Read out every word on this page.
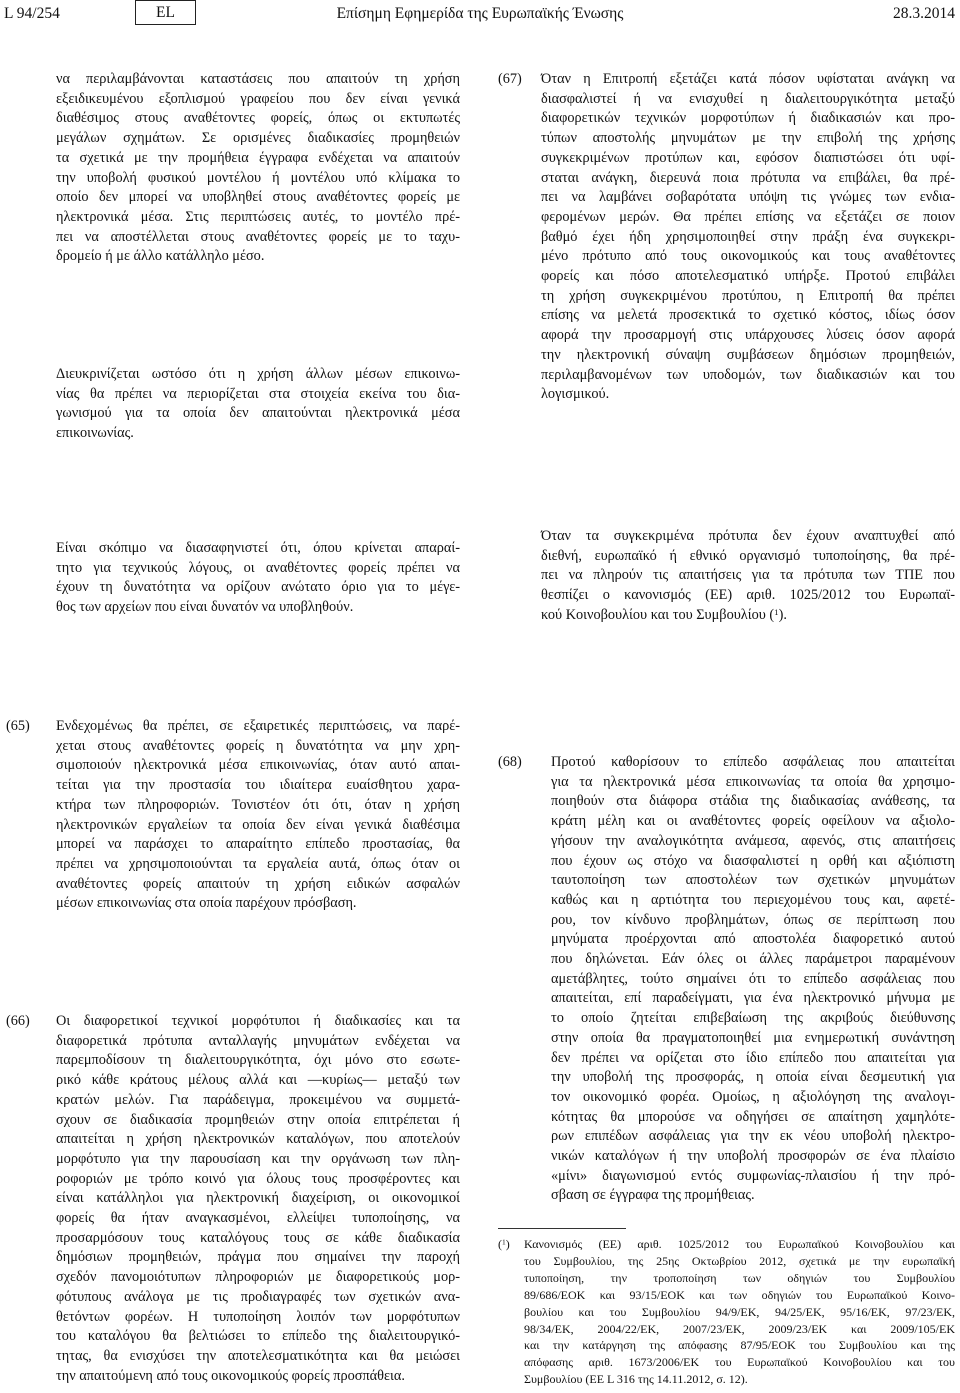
L 94/254	EL	Επίσημη Εφημερίδα της Ευρωπαϊκής Ένωσης	28.3.2014
να περιλαμβάνονται καταστάσεις που απαιτούν τη χρήση
εξειδικευμένου εξοπλισμού γραφείου που δεν είναι γενικά
διαθέσιμος στους αναθέτοντες φορείς, όπως οι εκτυπωτές
μεγάλων σχημάτων. Σε ορισμένες διαδικασίες προμηθειών
τα σχετικά με την προμήθεια έγγραφα ενδέχεται να απαιτούν
την υποβολή φυσικού μοντέλου ή μοντέλου υπό κλίμακα το
οποίο δεν μπορεί να υποβληθεί στους αναθέτοντες φορείς με
ηλεκτρονικά μέσα. Στις περιπτώσεις αυτές, το μοντέλο πρέ-
πει να αποστέλλεται στους αναθέτοντες φορείς με το ταχυ-
δρομείο ή με άλλο κατάλληλο μέσο.
Διευκρινίζεται ωστόσο ότι η χρήση άλλων μέσων επικοινω-
νίας θα πρέπει να περιορίζεται στα στοιχεία εκείνα του δια-
γωνισμού για τα οποία δεν απαιτούνται ηλεκτρονικά μέσα
επικοινωνίας.
Είναι σκόπιμο να διασαφηνιστεί ότι, όπου κρίνεται απαραί-
τητο για τεχνικούς λόγους, οι αναθέτοντες φορείς πρέπει να
έχουν τη δυνατότητα να ορίζουν ανώτατο όριο για το μέγε-
θος των αρχείων που είναι δυνατόν να υποβληθούν.
(65) Ενδεχομένως θα πρέπει, σε εξαιρετικές περιπτώσεις, να παρέ-
χεται στους αναθέτοντες φορείς η δυνατότητα να μην χρη-
σιμοποιούν ηλεκτρονικά μέσα επικοινωνίας, όταν αυτό απαι-
τείται για την προστασία του ιδιαίτερα ευαίσθητου χαρα-
κτήρα των πληροφοριών. Τονιστέον ότι ότι, όταν η χρήση
ηλεκτρονικών εργαλείων τα οποία δεν είναι γενικά διαθέσιμα
μπορεί να παράσχει το απαραίτητο επίπεδο προστασίας, θα
πρέπει να χρησιμοποιούνται τα εργαλεία αυτά, όπως όταν οι
αναθέτοντες φορείς απαιτούν τη χρήση ειδικών ασφαλών
μέσων επικοινωνίας στα οποία παρέχουν πρόσβαση.
(66) Οι διαφορετικοί τεχνικοί μορφότυποι ή διαδικασίες και τα
διαφορετικά πρότυπα ανταλλαγής μηνυμάτων ενδέχεται να
παρεμποδίσουν τη διαλειτουργικότητα, όχι μόνο στο εσωτε-
ρικό κάθε κράτους μέλους αλλά και —κυρίως— μεταξύ των
κρατών μελών. Για παράδειγμα, προκειμένου να συμμετά-
σχουν σε διαδικασία προμηθειών στην οποία επιτρέπεται ή
απαιτείται η χρήση ηλεκτρονικών καταλόγων, που αποτελούν
μορφότυπο για την παρουσίαση και την οργάνωση των πλη-
ροφοριών με τρόπο κοινό για όλους τους προσφέροντες και
είναι κατάλληλοι για ηλεκτρονική διαχείριση, οι οικονομικοί
φορείς θα ήταν αναγκασμένοι, ελλείψει τυποποίησης, να
προσαρμόσουν τους καταλόγους τους σε κάθε διαδικασία
δημόσιων προμηθειών, πράγμα που σημαίνει την παροχή
σχεδόν πανομοιότυπων πληροφοριών με διαφορετικούς μορ-
φότυπους ανάλογα με τις προδιαγραφές των σχετικών ανα-
θετόντων φορέων. Η τυποποίηση λοιπόν των μορφότυπων
του καταλόγου θα βελτιώσει το επίπεδο της διαλειτουργικό-
τητας, θα ενισχύσει την αποτελεσματικότητα και θα μειώσει
την απαιτούμενη από τους οικονομικούς φορείς προσπάθεια.
(67) Όταν η Επιτροπή εξετάζει κατά πόσον υφίσταται ανάγκη να
διασφαλιστεί ή να ενισχυθεί η διαλειτουργικότητα μεταξύ
διαφορετικών τεχνικών μορφοτύπων ή διαδικασιών και προ-
τύπων αποστολής μηνυμάτων με την επιβολή της χρήσης
συγκεκριμένων προτύπων και, εφόσον διαπιστώσει ότι υφί-
σταται ανάγκη, διερευνά ποια πρότυπα να επιβάλει, θα πρέ-
πει να λαμβάνει σοβαρότατα υπόψη τις γνώμες των ενδια-
φερομένων μερών. Θα πρέπει επίσης να εξετάζει σε ποιον
βαθμό έχει ήδη χρησιμοποιηθεί στην πράξη ένα συγκεκρι-
μένο πρότυπο από τους οικονομικούς και τους αναθέτοντες
φορείς και πόσο αποτελεσματικό υπήρξε. Προτού επιβάλει
τη χρήση συγκεκριμένου προτύπου, η Επιτροπή θα πρέπει
επίσης να μελετά προσεκτικά το σχετικό κόστος, ιδίως όσον
αφορά την προσαρμογή στις υπάρχουσες λύσεις όσον αφορά
την ηλεκτρονική σύναψη συμβάσεων δημόσιων προμηθειών,
περιλαμβανομένων των υποδομών, των διαδικασιών και του
λογισμικού.
Όταν τα συγκεκριμένα πρότυπα δεν έχουν αναπτυχθεί από
διεθνή, ευρωπαϊκό ή εθνικό οργανισμό τυποποίησης, θα πρέ-
πει να πληρούν τις απαιτήσεις για τα πρότυπα των ΤΠΕ που
θεσπίζει ο κανονισμός (ΕΕ) αριθ. 1025/2012 του Ευρωπαϊ-
κού Κοινοβουλίου και του Συμβουλίου ($^1$).
(68) Προτού καθορίσουν το επίπεδο ασφάλειας που απαιτείται
για τα ηλεκτρονικά μέσα επικοινωνίας τα οποία θα χρησιμο-
ποιηθούν στα διάφορα στάδια της διαδικασίας ανάθεσης, τα
κράτη μέλη και οι αναθέτοντες φορείς οφείλουν να αξιολο-
γήσουν την αναλογικότητα ανάμεσα, αφενός, στις απαιτήσεις
που έχουν ως στόχο να διασφαλιστεί η ορθή και αξιόπιστη
ταυτοποίηση των αποστολέων των σχετικών μηνυμάτων
καθώς και η αρτιότητα του περιεχομένου τους και, αφετέ-
ρου, τον κίνδυνο προβλημάτων, όπως σε περίπτωση που
μηνύματα προέρχονται από αποστολέα διαφορετικό αυτού
που δηλώνεται. Εάν όλες οι άλλες παράμετροι παραμένουν
αμετάβλητες, τούτο σημαίνει ότι το επίπεδο ασφάλειας που
απαιτείται, επί παραδείγματι, για ένα ηλεκτρονικό μήνυμα με
το οποίο ζητείται επιβεβαίωση της ακριβούς διεύθυνσης
στην οποία θα πραγματοποιηθεί μια ενημερωτική συνάντηση
δεν πρέπει να ορίζεται στο ίδιο επίπεδο που απαιτείται για
την υποβολή της προσφοράς, η οποία είναι δεσμευτική για
τον οικονομικό φορέα. Ομοίως, η αξιολόγηση της αναλογι-
κότητας θα μπορούσε να οδηγήσει σε απαίτηση χαμηλότε-
ρων επιπέδων ασφάλειας για την εκ νέου υποβολή ηλεκτρο-
νικών καταλόγων ή την υποβολή προσφορών σε ένα πλαίσιο
«μίνι» διαγωνισμού εντός συμφωνίας-πλαισίου ή την πρό-
σβαση σε έγγραφα της προμήθειας.
($^1$) Κανονισμός (ΕΕ) αριθ. 1025/2012 του Ευρωπαϊκού Κοινοβουλίου και
του Συμβουλίου, της 25ης Οκτωβρίου 2012, σχετικά με την ευρωπαϊκή
τυποποίηση, την τροποποίηση των οδηγιών του Συμβουλίου
89/686/ΕΟΚ και 93/15/ΕΟΚ και των οδηγιών του Ευρωπαϊκού Κοινο-
βουλίου και του Συμβουλίου 94/9/ΕΚ, 94/25/ΕΚ, 95/16/ΕΚ, 97/23/ΕΚ,
98/34/ΕΚ, 2004/22/ΕΚ, 2007/23/ΕΚ, 2009/23/ΕΚ και 2009/105/ΕΚ
και την κατάργηση της απόφασης 87/95/ΕΟΚ του Συμβουλίου και της
απόφασης αριθ. 1673/2006/ΕΚ του Ευρωπαϊκού Κοινοβουλίου και του
Συμβουλίου (ΕΕ L 316 της 14.11.2012, σ. 12).
